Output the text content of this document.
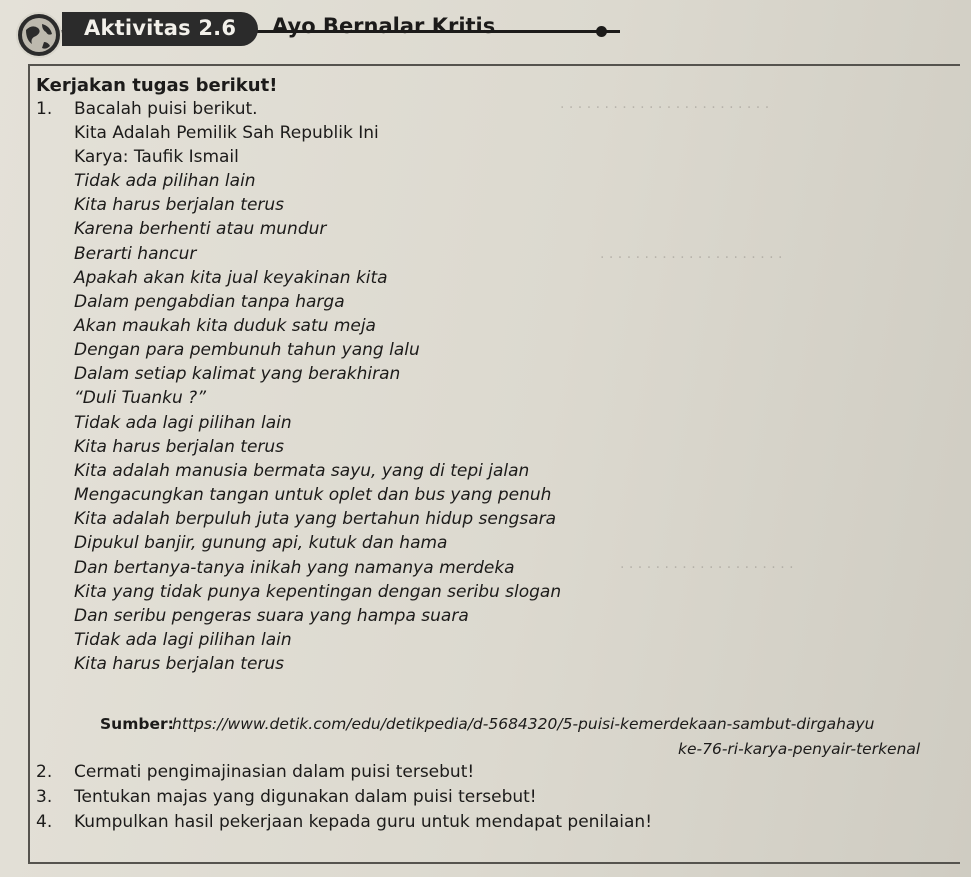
Aktivitas 2.6 Ayo Bernalar Kritis
· · · · · · · · · · · · · · · · · · · · · · · ·
· · · · · · · · · · · · · · · · · · · · ·
· · · · · · · · · · · · · · · · · · · ·
Kerjakan tugas berikut!
1. Bacalah puisi berikut.
Kita Adalah Pemilik Sah Republik Ini
Karya: Taufik Ismail
Tidak ada pilihan lain
Kita harus berjalan terus
Karena berhenti atau mundur
Berarti hancur
Apakah akan kita jual keyakinan kita
Dalam pengabdian tanpa harga
Akan maukah kita duduk satu meja
Dengan para pembunuh tahun yang lalu
Dalam setiap kalimat yang berakhiran
“Duli Tuanku ?”
Tidak ada lagi pilihan lain
Kita harus berjalan terus
Kita adalah manusia bermata sayu, yang di tepi jalan
Mengacungkan tangan untuk oplet dan bus yang penuh
Kita adalah berpuluh juta yang bertahun hidup sengsara
Dipukul banjir, gunung api, kutuk dan hama
Dan bertanya-tanya inikah yang namanya merdeka
Kita yang tidak punya kepentingan dengan seribu slogan
Dan seribu pengeras suara yang hampa suara
Tidak ada lagi pilihan lain
Kita harus berjalan terus
Sumber:
https://www.detik.com/edu/detikpedia/d-5684320/5-puisi-kemerdekaan-sambut-dirgahayu
ke-76-ri-karya-penyair-terkenal
2. Cermati pengimajinasian dalam puisi tersebut!
3. Tentukan majas yang digunakan dalam puisi tersebut!
4. Kumpulkan hasil pekerjaan kepada guru untuk mendapat penilaian!
